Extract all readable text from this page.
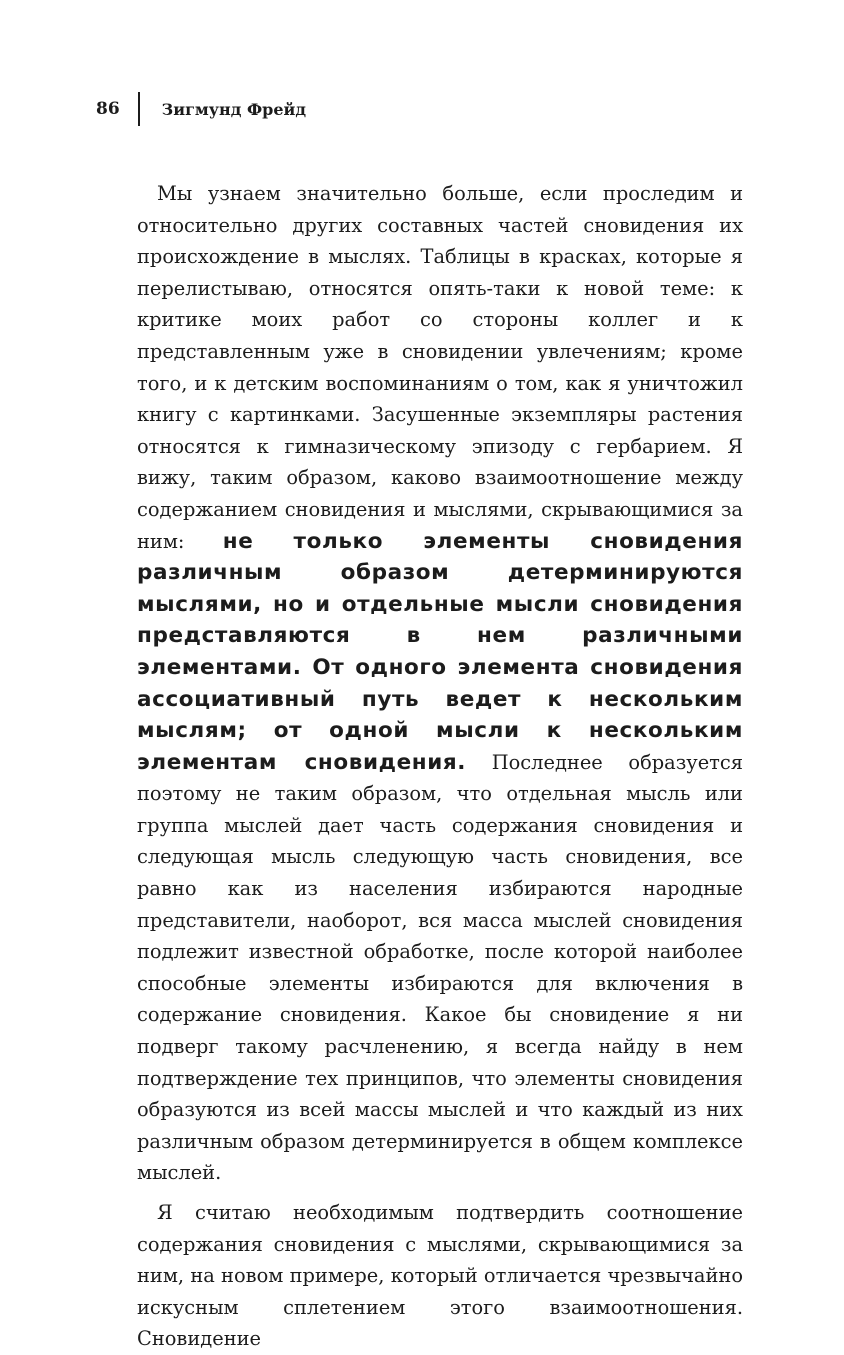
86	Зигмунд Фрейд

Мы узнаем значительно больше, если проследим и относительно других составных частей сновидения их происхождение в мыслях. Таблицы в красках, которые я перелистываю, относятся опять-таки к новой теме: к критике моих работ со стороны коллег и к представленным уже в сновидении увлечениям; кроме того, и к детским воспоминаниям о том, как я уничтожил книгу с картинками. Засушенные экземпляры растения относятся к гимназическому эпизоду с гербарием. Я вижу, таким образом, каково взаимоотношение между содержанием сновидения и мыслями, скрывающимися за ним: не только элементы сновидения различным образом детерминируются мыслями, но и отдельные мысли сновидения представляются в нем различными элементами. От одного элемента сновидения ассоциативный путь ведет к нескольким мыслям; от одной мысли к нескольким элементам сновидения. Последнее образуется поэтому не таким образом, что отдельная мысль или группа мыслей дает часть содержания сновидения и следующая мысль следующую часть сновидения, все равно как из населения избираются народные представители, наоборот, вся масса мыслей сновидения подлежит известной обработке, после которой наиболее способные элементы избираются для включения в содержание сновидения. Какое бы сновидение я ни подверг такому расчленению, я всегда найду в нем подтверждение тех принципов, что элементы сновидения образуются из всей массы мыслей и что каждый из них различным образом детерминируется в общем комплексе мыслей.

Я считаю необходимым подтвердить соотношение содержания сновидения с мыслями, скрывающимися за ним, на новом примере, который отличается чрезвычайно искусным сплетением этого взаимоотношения. Сновидение
